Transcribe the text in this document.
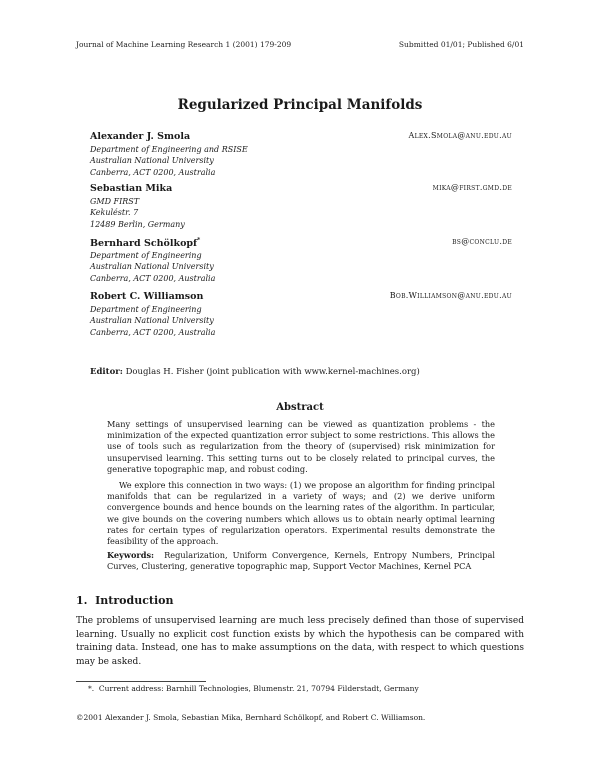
Journal of Machine Learning Research 1 (2001) 179-209	Submitted 01/01; Published 6/01
Regularized Principal Manifolds
Alexander J. Smola	Alex.Smola@anu.edu.au
Department of Engineering and RSISE
Australian National University
Canberra, ACT 0200, Australia
Sebastian Mika	mika@first.gmd.de
GMD FIRST
Kekuléstr. 7
12489 Berlin, Germany
Bernhard Schölkopf*	bs@conclu.de
Department of Engineering
Australian National University
Canberra, ACT 0200, Australia
Robert C. Williamson	Bob.Williamson@anu.edu.au
Department of Engineering
Australian National University
Canberra, ACT 0200, Australia
Editor: Douglas H. Fisher (joint publication with www.kernel-machines.org)
Abstract
Many settings of unsupervised learning can be viewed as quantization problems - the minimization of the expected quantization error subject to some restrictions. This allows the use of tools such as regularization from the theory of (supervised) risk minimization for unsupervised learning. This setting turns out to be closely related to principal curves, the generative topographic map, and robust coding.
We explore this connection in two ways: (1) we propose an algorithm for finding principal manifolds that can be regularized in a variety of ways; and (2) we derive uniform convergence bounds and hence bounds on the learning rates of the algorithm. In particular, we give bounds on the covering numbers which allows us to obtain nearly optimal learning rates for certain types of regularization operators. Experimental results demonstrate the feasibility of the approach.
Keywords: Regularization, Uniform Convergence, Kernels, Entropy Numbers, Principal Curves, Clustering, generative topographic map, Support Vector Machines, Kernel PCA
1. Introduction
The problems of unsupervised learning are much less precisely defined than those of supervised learning. Usually no explicit cost function exists by which the hypothesis can be compared with training data. Instead, one has to make assumptions on the data, with respect to which questions may be asked.
*. Current address: Barnhill Technologies, Blumenstr. 21, 70794 Filderstadt, Germany
©2001 Alexander J. Smola, Sebastian Mika, Bernhard Schölkopf, and Robert C. Williamson.
